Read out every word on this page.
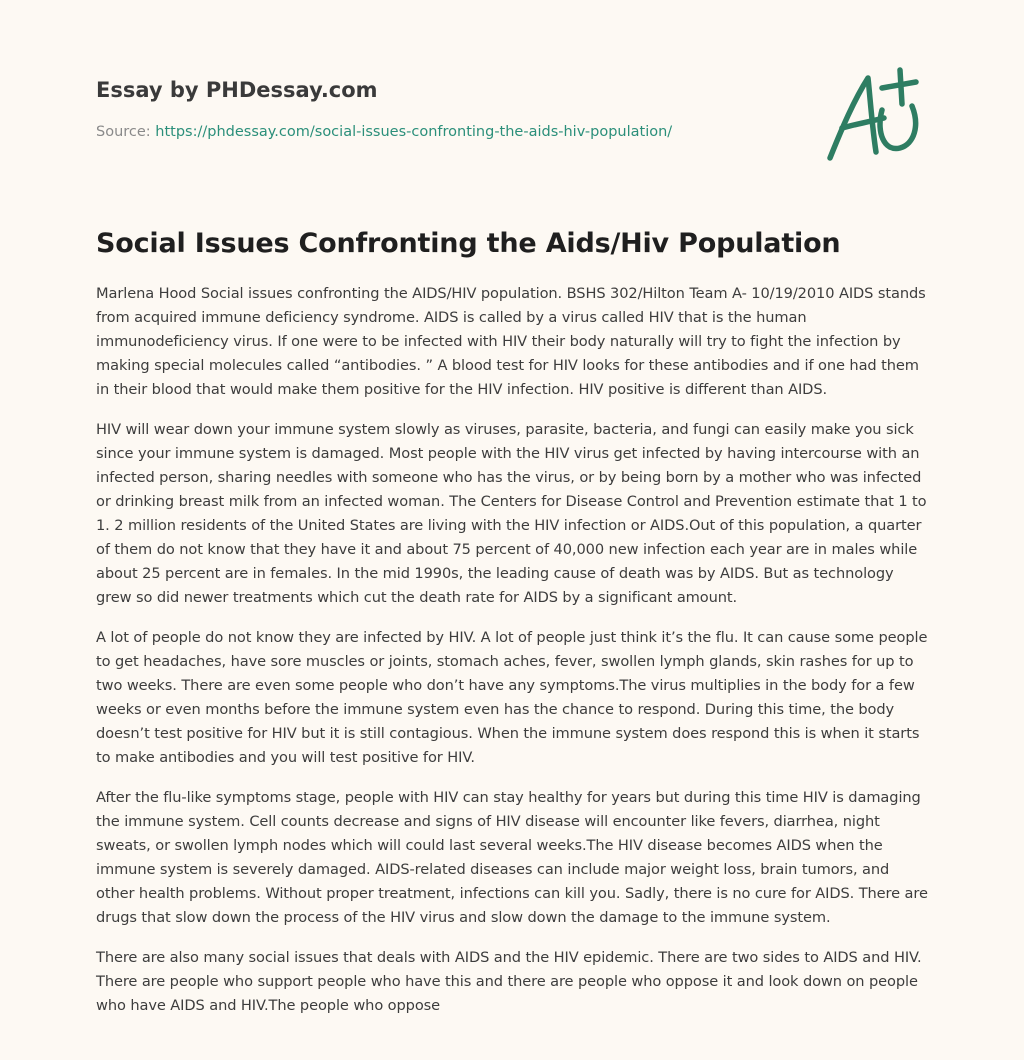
Essay by PHDessay.com
Source: https://phdessay.com/social-issues-confronting-the-aids-hiv-population/
Social Issues Confronting the Aids/Hiv Population

Marlena Hood Social issues confronting the AIDS/HIV population. BSHS 302/Hilton Team A- 10/19/2010 AIDS stands from acquired immune deficiency syndrome. AIDS is called by a virus called HIV that is the human immunodeficiency virus. If one were to be infected with HIV their body naturally will try to fight the infection by making special molecules called “antibodies. ” A blood test for HIV looks for these antibodies and if one had them in their blood that would make them positive for the HIV infection. HIV positive is different than AIDS.

HIV will wear down your immune system slowly as viruses, parasite, bacteria, and fungi can easily make you sick since your immune system is damaged. Most people with the HIV virus get infected by having intercourse with an infected person, sharing needles with someone who has the virus, or by being born by a mother who was infected or drinking breast milk from an infected woman. The Centers for Disease Control and Prevention estimate that 1 to 1. 2 million residents of the United States are living with the HIV infection or AIDS.Out of this population, a quarter of them do not know that they have it and about 75 percent of 40,000 new infection each year are in males while about 25 percent are in females. In the mid 1990s, the leading cause of death was by AIDS. But as technology grew so did newer treatments which cut the death rate for AIDS by a significant amount.

A lot of people do not know they are infected by HIV. A lot of people just think it’s the flu. It can cause some people to get headaches, have sore muscles or joints, stomach aches, fever, swollen lymph glands, skin rashes for up to two weeks. There are even some people who don’t have any symptoms.The virus multiplies in the body for a few weeks or even months before the immune system even has the chance to respond. During this time, the body doesn’t test positive for HIV but it is still contagious. When the immune system does respond this is when it starts to make antibodies and you will test positive for HIV.

After the flu-like symptoms stage, people with HIV can stay healthy for years but during this time HIV is damaging the immune system. Cell counts decrease and signs of HIV disease will encounter like fevers, diarrhea, night sweats, or swollen lymph nodes which will could last several weeks.The HIV disease becomes AIDS when the immune system is severely damaged. AIDS-related diseases can include major weight loss, brain tumors, and other health problems. Without proper treatment, infections can kill you. Sadly, there is no cure for AIDS. There are drugs that slow down the process of the HIV virus and slow down the damage to the immune system.

There are also many social issues that deals with AIDS and the HIV epidemic. There are two sides to AIDS and HIV. There are people who support people who have this and there are people who oppose it and look down on people who have AIDS and HIV.The people who oppose
